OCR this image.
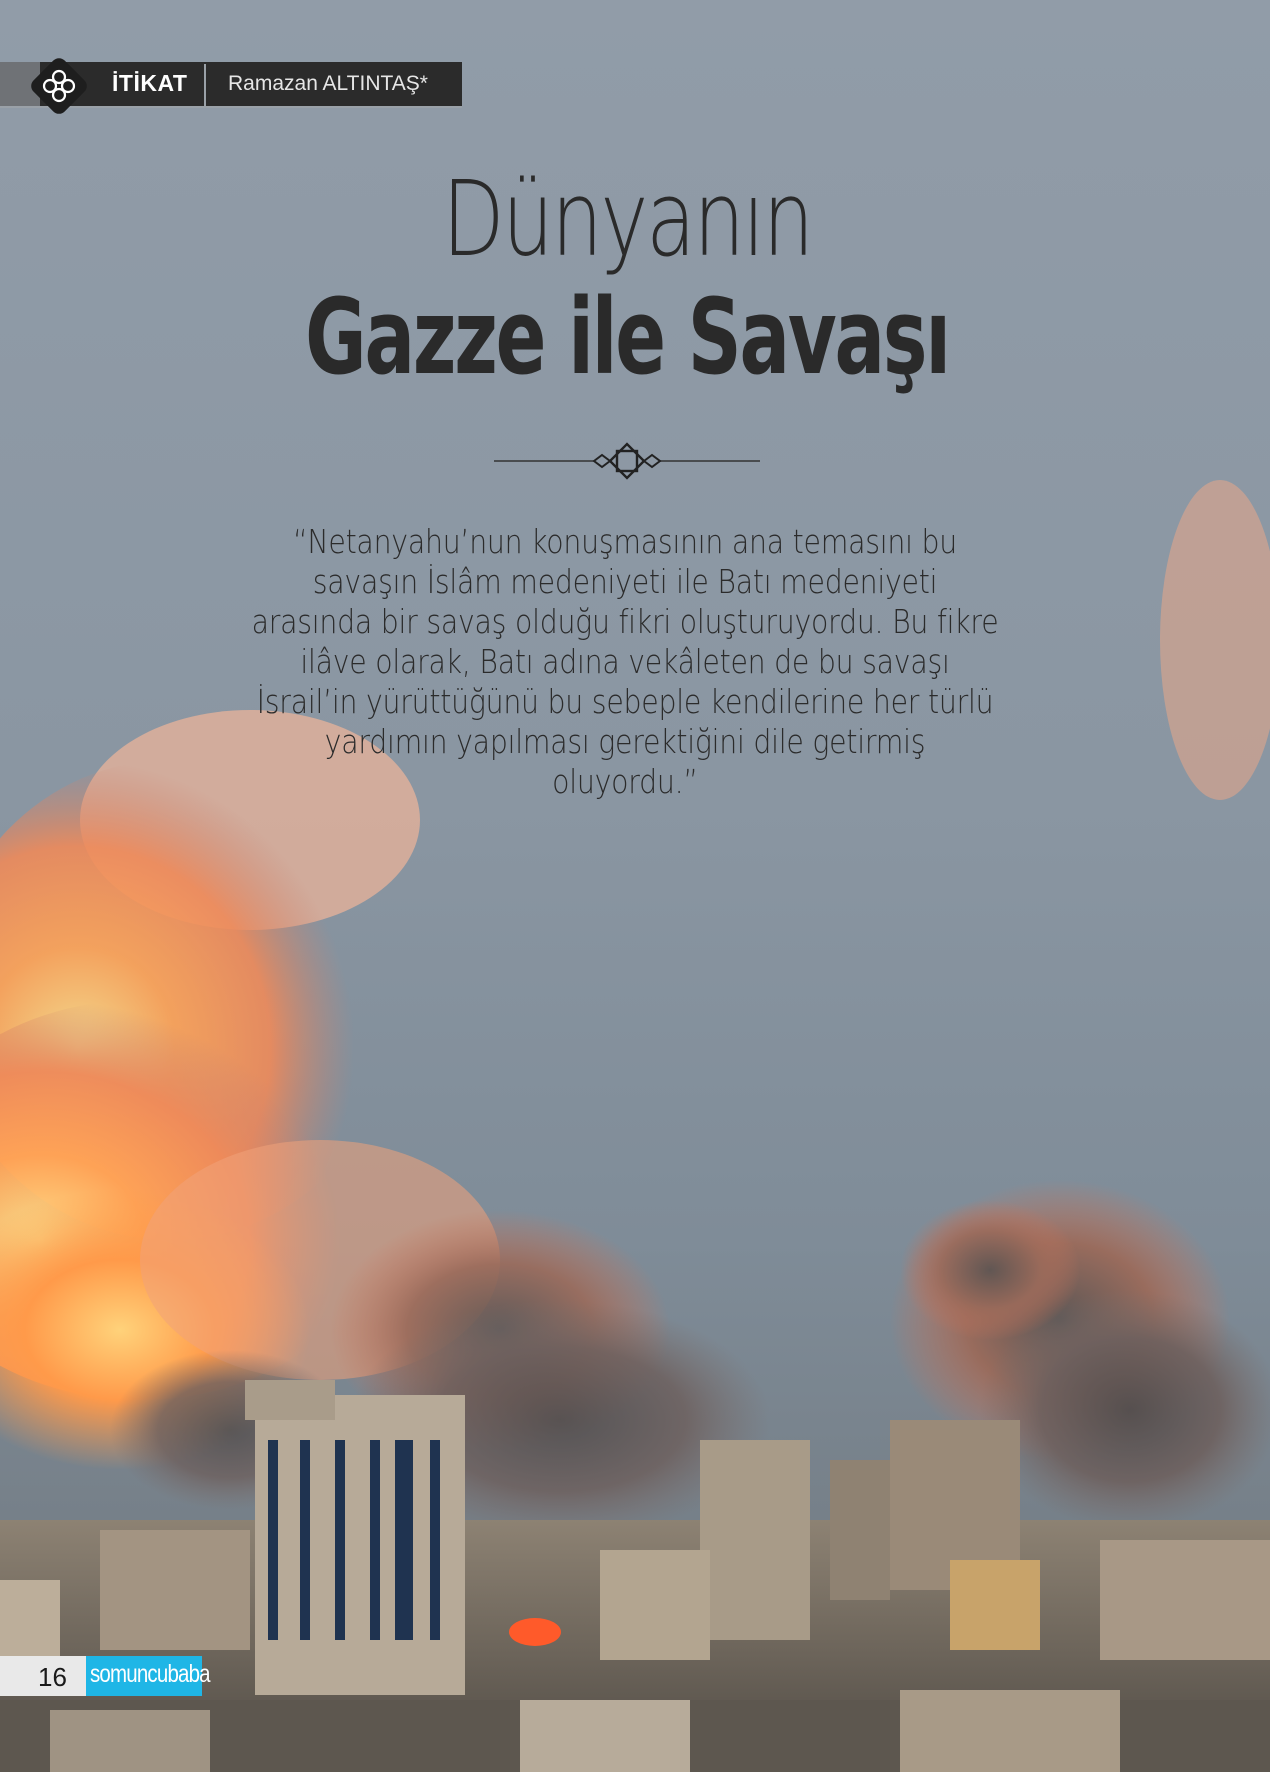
İTİKAT Ramazan ALTINTAŞ*
Dünyanın
Gazze ile Savaşı
“Netanyahu’nun konuşmasının ana temasını bu savaşın İslâm medeniyeti ile Batı medeniyeti arasında bir savaş olduğu fikri oluşturuyordu. Bu fikre ilâve olarak, Batı adına vekâleten de bu savaşı İsrail’in yürüttüğünü bu sebeple kendilerine her türlü yardımın yapılması gerektiğini dile getirmiş oluyordu.”
16 somuncubaba
